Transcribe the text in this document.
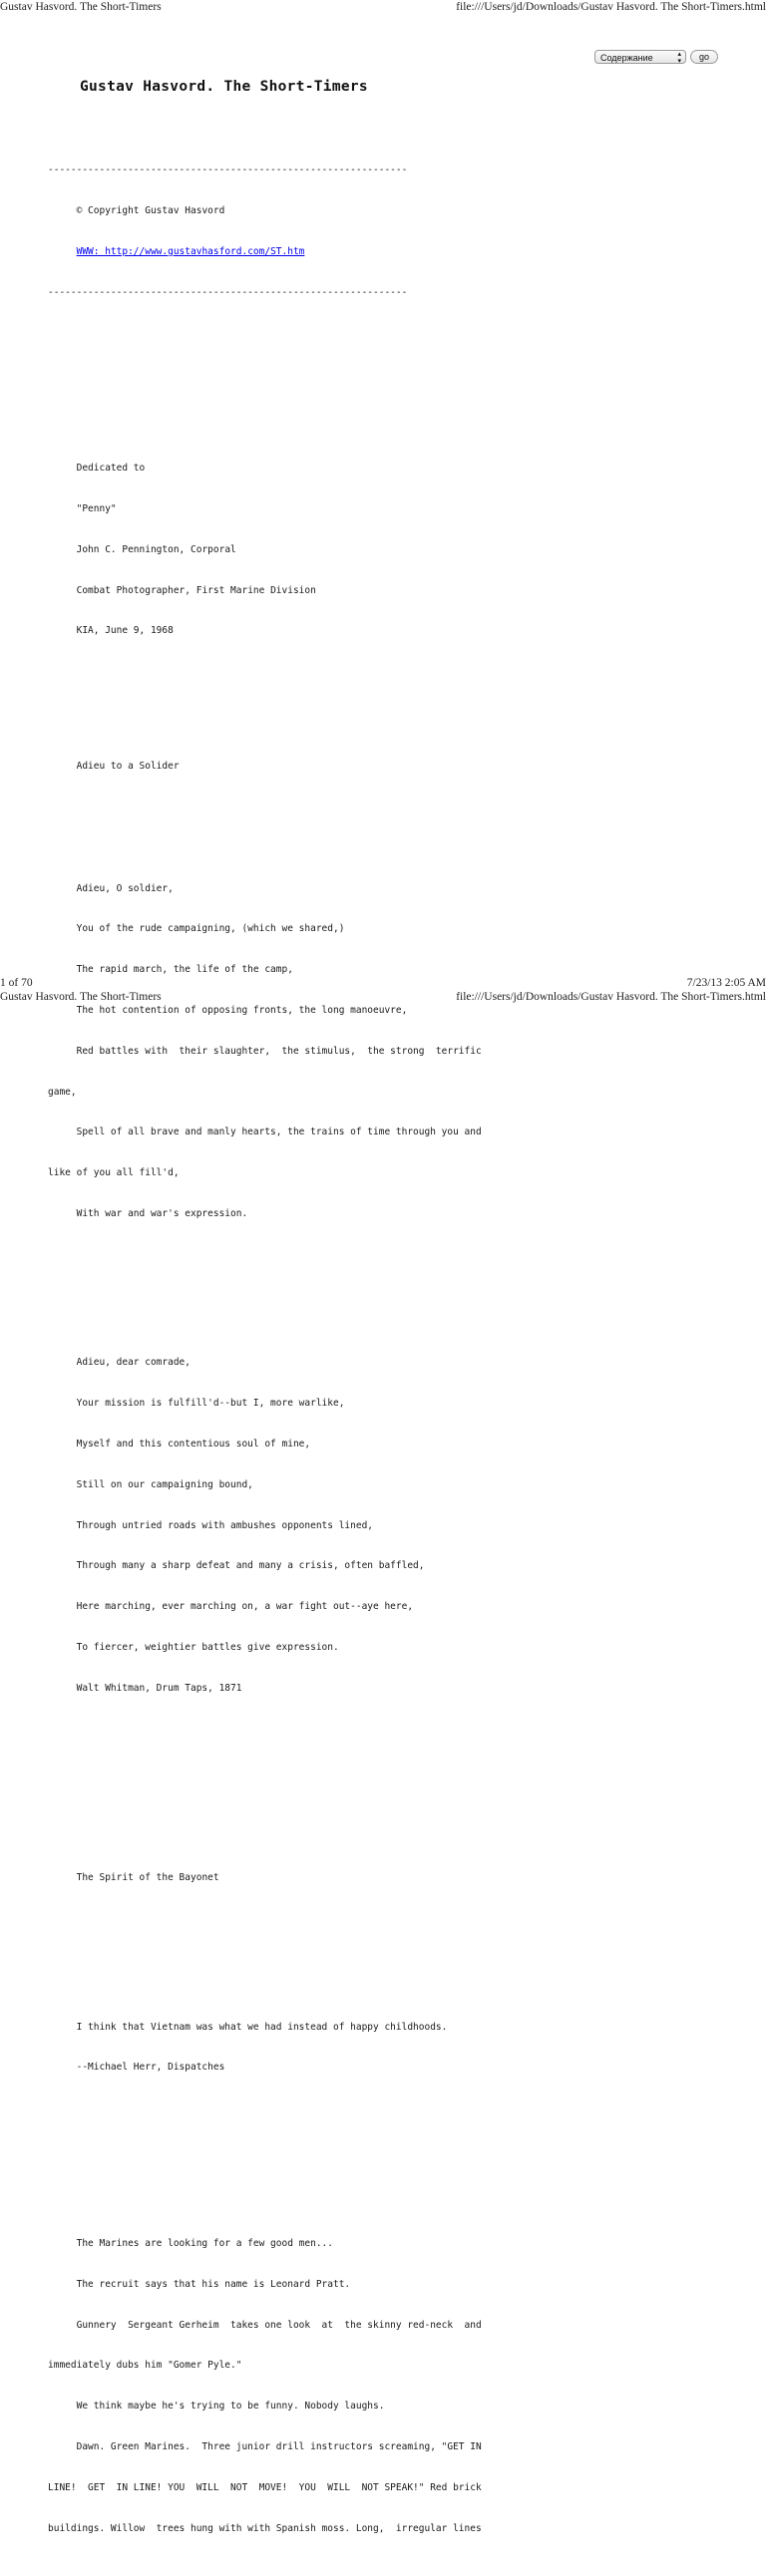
Gustav Hasvord. The Short-Timers	file:///Users/jd/Downloads/Gustav Hasvord. The Short-Timers.html
Содержание	▴
▾	go
Gustav Hasvord. The Short-Timers

---------------------------------------------------------------

© Copyright Gustav Hasvord

WWW: http://www.gustavhasford.com/ST.htm

---------------------------------------------------------------

Dedicated to

"Penny"

John C. Pennington, Corporal

Combat Photographer, First Marine Division

KIA, June 9, 1968

Adieu to a Solider

Adieu, O soldier,

You of the rude campaigning, (which we shared,)

The rapid march, the life of the camp,

The hot contention of opposing fronts, the long manoeuvre,

Red battles with  their slaughter,  the stimulus,  the strong  terrific

game,

Spell of all brave and manly hearts, the trains of time through you and

like of you all fill'd,

With war and war's expression.

Adieu, dear comrade,

Your mission is fulfill'd--but I, more warlike,

Myself and this contentious soul of mine,

Still on our campaigning bound,

Through untried roads with ambushes opponents lined,

Through many a sharp defeat and many a crisis, often baffled,

Here marching, ever marching on, a war fight out--aye here,

To fiercer, weightier battles give expression.

Walt Whitman, Drum Taps, 1871

The Spirit of the Bayonet

I think that Vietnam was what we had instead of happy childhoods.

--Michael Herr, Dispatches

The Marines are looking for a few good men...

The recruit says that his name is Leonard Pratt.

Gunnery  Sergeant Gerheim  takes one look  at  the skinny red-neck  and

immediately dubs him "Gomer Pyle."

We think maybe he's trying to be funny. Nobody laughs.

Dawn. Green Marines.  Three junior drill instructors screaming, "GET IN

LINE!  GET  IN LINE! YOU  WILL  NOT  MOVE!  YOU  WILL  NOT SPEAK!" Red brick

buildings. Willow  trees hung with with Spanish moss. Long,  irregular lines

1 of 70	7/23/13 2:05 AM
Gustav Hasvord. The Short-Timers	file:///Users/jd/Downloads/Gustav Hasvord. The Short-Timers.html
